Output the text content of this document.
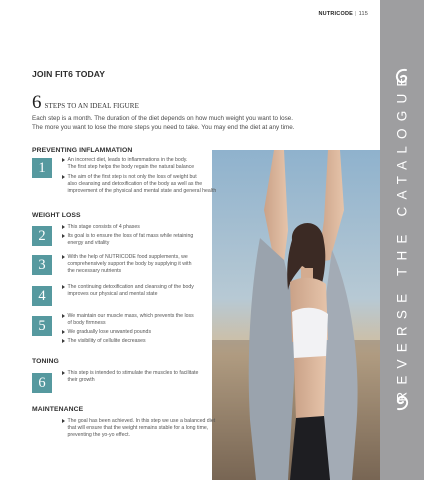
NUTRICODE | 115
REVERSE THE CATALOGUE
JOIN FIT6 TODAY
6 STEPS TO AN IDEAL FIGURE
Each step is a month. The duration of the diet depends on how much weight you want to lose.
The more you want to lose the more steps you need to take. You may end the diet at any time.
PREVENTING INFLAMMATION
1	An incorrect diet, leads to inflammations in the body.
The first step helps the body regain the natural balance
The aim of the first step is not only the loss of weight but
also cleansing and detoxification of the body as well as the
improvement of the physical and mental state and general health
WEIGHT LOSS
2
This stage consists of 4 phases
Its goal is to ensure the loss of fat mass while retaining
energy and vitality
3	With the help of NUTRICODE food supplements, we
comprehensively support the body by supplying it with
the necessary nutrients
4
The continuing detoxification and cleansing of the body
improves our physical and mental state
5
We maintain our muscle mass, which prevents the loss
of body firmness
We gradually lose unwanted pounds
The visibility of cellulite decreases
TONING
6
This step is intended to stimulate the muscles to facilitate
their growth
MAINTENANCE
The goal has been achieved. In this step we use a balanced diet
that will ensure that the weight remains stable for a long time,
preventing the yo-yo effect.
